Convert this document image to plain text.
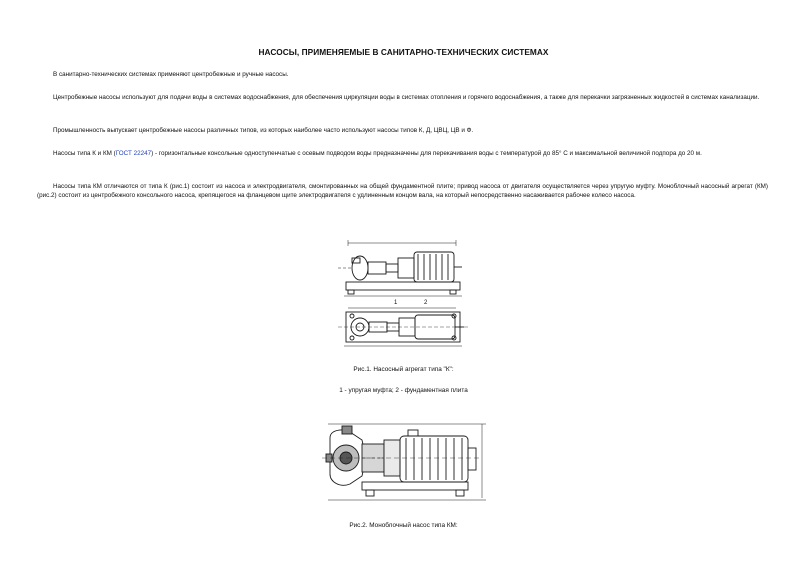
НАСОСЫ, ПРИМЕНЯЕМЫЕ В САНИТАРНО-ТЕХНИЧЕСКИХ СИСТЕМАХ

В санитарно-технических системах применяют центробежные и ручные насосы.

Центробежные насосы используют для подачи воды в системах водоснабжения, для обеспечения циркуляции воды в системах отопления и горячего водоснабжения, а также для перекачки загрязненных жидкостей в системах канализации.

Промышленность выпускает центробежные насосы различных типов, из которых наиболее часто используют насосы типов К, Д, ЦВЦ, ЦВ и Ф.

Насосы типа К и КМ (ГОСТ 22247) - горизонтальные консольные одноступенчатые с осевым подводом воды предназначены для перекачивания воды с температурой до 85° С и максимальной величиной подпора до 20 м.

Насосы типа КМ отличаются от типа К (рис.1) состоит из насоса и электродвигателя, смонтированных на общей фундаментной плите; привод насоса от двигателя осуществляется через упругую муфту. Моноблочный насосный агрегат (КМ) (рис.2) состоит из центробежного консольного насоса, крепящегося на фланцевом щите электродвигателя с удлиненным концом вала, на который непосредственно насаживается рабочее колесо насоса.

1	2
Рис.1. Насосный агрегат типа "К":
1 - упругая муфта; 2 - фундаментная плита
Рис.2. Моноблочный насос типа КМ:
